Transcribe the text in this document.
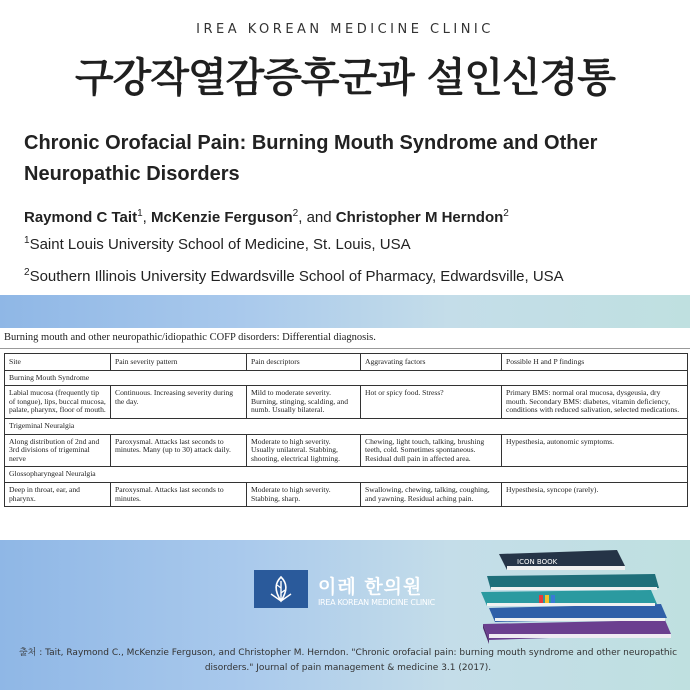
IREA KOREAN MEDICINE CLINIC
구강작열감증후군과 설인신경통
Chronic Orofacial Pain: Burning Mouth Syndrome and Other Neuropathic Disorders
Raymond C Tait$^1$, McKenzie Ferguson$^2$, and Christopher M Herndon$^2$
$^1$Saint Louis University School of Medicine, St. Louis, USA
$^2$Southern Illinois University Edwardsville School of Pharmacy, Edwardsville, USA
Burning mouth and other neuropathic/idiopathic COFP disorders: Differential diagnosis.
Site	Pain severity pattern	Pain descriptors	Aggravating factors	Possible H and P findings
Burning Mouth Syndrome				
Labial mucosa (frequently tip of tongue), lips, buccal mucosa, palate, pharynx, floor of mouth.	Continuous. Increasing severity during the day.	Mild to moderate severity. Burning, stinging, scalding, and numb. Usually bilateral.	Hot or spicy food. Stress?	Primary BMS: normal oral mucosa, dysgeusia, dry mouth. Secondary BMS: diabetes, vitamin deficiency, conditions with reduced salivation, selected medications.
Trigeminal Neuralgia				
Along distribution of 2nd and 3rd divisions of trigeminal nerve	Paroxysmal. Attacks last seconds to minutes. Many (up to 30) attack daily.	Moderate to high severity. Usually unilateral. Stabbing, shooting, electrical lightning.	Chewing, light touch, talking, brushing teeth, cold. Sometimes spontaneous. Residual dull pain in affected area.	Hypesthesia, autonomic symptoms.
Glossopharyngeal Neuralgia				
Deep in throat, ear, and pharynx.	Paroxysmal. Attacks last seconds to minutes.	Moderate to high severity. Stabbing, sharp.	Swallowing, chewing, talking, coughing, and yawning. Residual aching pain.	Hypesthesia, syncope (rarely).
이레 한의원
IREA KOREAN MEDICINE CLINIC
ICON BOOK
출처 : Tait, Raymond C., McKenzie Ferguson, and Christopher M. Herndon. "Chronic orofacial pain: burning mouth syndrome and other neuropathic disorders." Journal of pain management & medicine 3.1 (2017).
